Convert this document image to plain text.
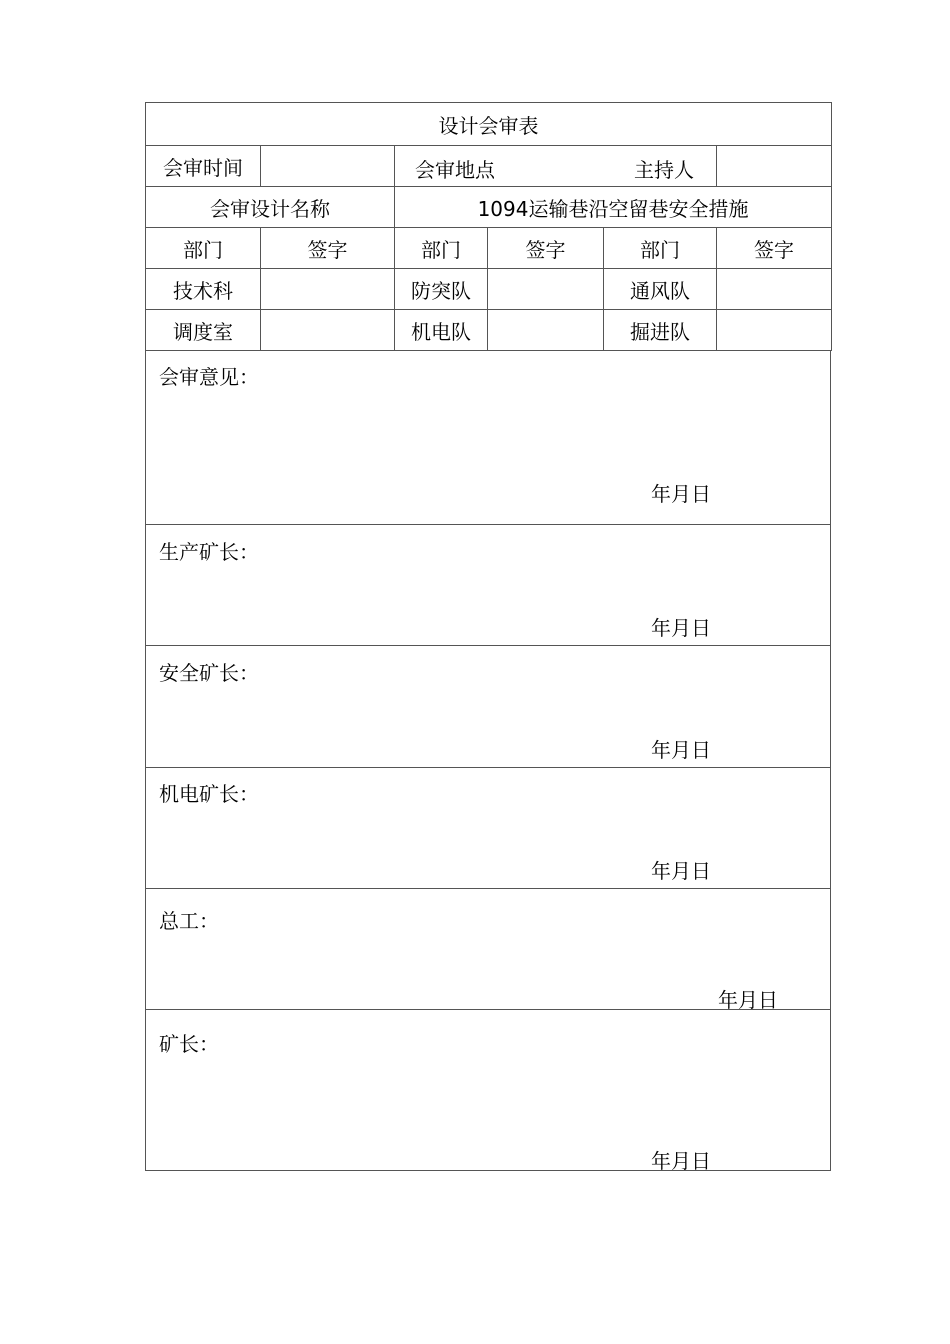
设计会审表					
会审时间		会审地点 主持人			

会审设计名称		1094运输巷沿空留巷安全措施			
部门	签字	部门	签字	部门	签字
技术科		防突队		通风队	
调度室		机电队		掘进队	
会审意见：
年月日
生产矿长：
年月日
安全矿长：
年月日
机电矿长：
年月日
总工：
年月日
矿长：
年月日
